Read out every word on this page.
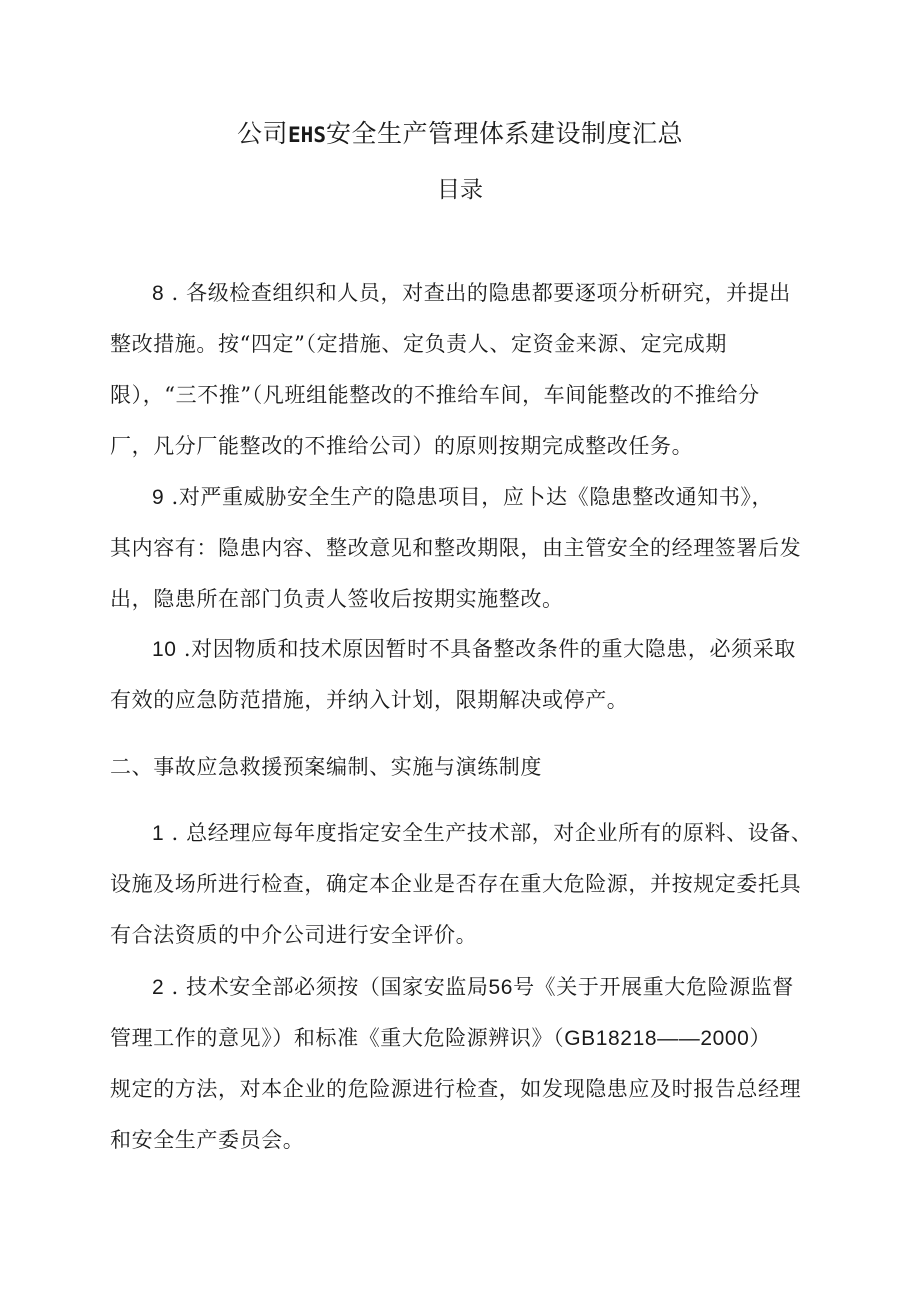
公司EHS安全生产管理体系建设制度汇总
目录
8 . 各级检查组织和人员，对查出的隐患都要逐项分析研究，并提出
整改措施。按“四定”（定措施、定负责人、定资金来源、定完成期
限），“三不推”（凡班组能整改的不推给车间，车间能整改的不推给分
厂，凡分厂能整改的不推给公司）的原则按期完成整改任务。
9 .对严重威胁安全生产的隐患项目，应卜达《隐患整改通知书》，
其内容有：隐患内容、整改意见和整改期限，由主管安全的经理签署后发
出，隐患所在部门负责人签收后按期实施整改。
10 .对因物质和技术原因暂时不具备整改条件的重大隐患，必须采取
有效的应急防范措施，并纳入计划，限期解决或停产。
二、事故应急救援预案编制、实施与演练制度
1 . 总经理应每年度指定安全生产技术部，对企业所有的原料、设备、
设施及场所进行检查，确定本企业是否存在重大危险源，并按规定委托具
有合法资质的中介公司进行安全评价。
2 . 技术安全部必须按（国家安监局56号《关于开展重大危险源监督
管理工作的意见》）和标准《重大危险源辨识》（GB18218——2000）
规定的方法，对本企业的危险源进行检查，如发现隐患应及时报告总经理
和安全生产委员会。
